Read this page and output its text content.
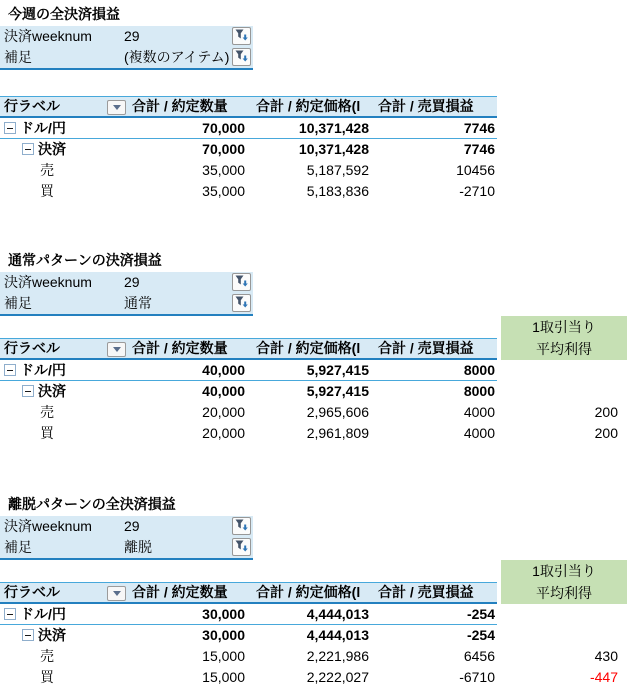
今週の全決済損益
決済weeknum	29
補足	(複数のアイテム)
行ラベル	合計 / 約定数量	合計 / 約定価格(l	合計 / 売買損益
ドル/円	70,000	10,371,428	7746
決済	70,000	10,371,428	7746
売	35,000	5,187,592	10456
買	35,000	5,183,836	-2710
通常パターンの決済損益
決済weeknum	29
補足	通常
1取引当り
行ラベル	合計 / 約定数量	合計 / 約定価格(l	合計 / 売買損益	平均利得
ドル/円	40,000	5,927,415	8000
決済	40,000	5,927,415	8000
売	20,000	2,965,606	4000	200
買	20,000	2,961,809	4000	200
離脱パターンの全決済損益
決済weeknum	29
補足	離脱
1取引当り
行ラベル	合計 / 約定数量	合計 / 約定価格(l	合計 / 売買損益	平均利得
ドル/円	30,000	4,444,013	-254
決済	30,000	4,444,013	-254
売	15,000	2,221,986	6456	430
買	15,000	2,222,027	-6710	-447
